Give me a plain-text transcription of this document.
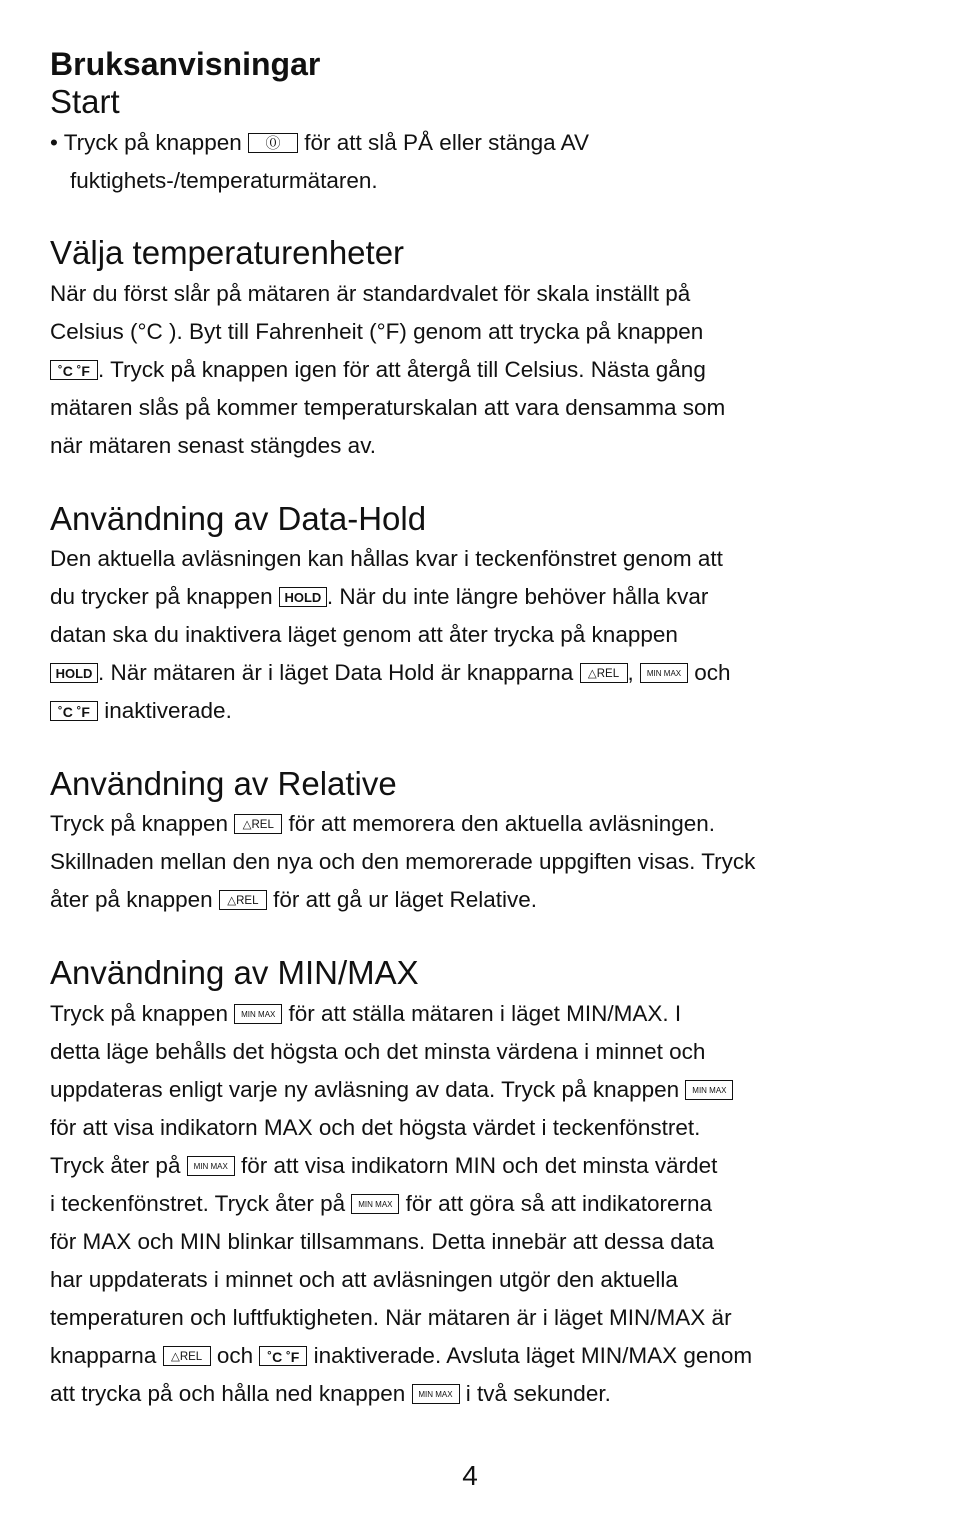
Bruksanvisningar
Start
• Tryck på knappen ⓪ för att slå PÅ eller stänga AV
fuktighets-/temperaturmätaren.
Välja temperaturenheter
När du först slår på mätaren är standardvalet för skala inställt på
Celsius (°C ). Byt till Fahrenheit (°F) genom att trycka på knappen
˚C ˚F . Tryck på knappen igen för att återgå till Celsius. Nästa gång
mätaren slås på kommer temperaturskalan att vara densamma som
när mätaren senast stängdes av.
Användning av Data-Hold
Den aktuella avläsningen kan hållas kvar i teckenfönstret genom att
du trycker på knappen HOLD . När du inte längre behöver hålla kvar
datan ska du inaktivera läget genom att åter trycka på knappen
HOLD . När mätaren är i läget Data Hold är knapparna △REL , MIN MAX och
˚C ˚F inaktiverade.
Användning av Relative
Tryck på knappen △REL för att memorera den aktuella avläsningen.
Skillnaden mellan den nya och den memorerade uppgiften visas. Tryck
åter på knappen △REL för att gå ur läget Relative.
Användning av MIN/MAX
Tryck på knappen MIN MAX för att ställa mätaren i läget MIN/MAX. I
detta läge behålls det högsta och det minsta värdena i minnet och
uppdateras enligt varje ny avläsning av data. Tryck på knappen MIN MAX
för att visa indikatorn MAX och det högsta värdet i teckenfönstret.
Tryck åter på MIN MAX för att visa indikatorn MIN och det minsta värdet
i teckenfönstret. Tryck åter på MIN MAX för att göra så att indikatorerna
för MAX och MIN blinkar tillsammans. Detta innebär att dessa data
har uppdaterats i minnet och att avläsningen utgör den aktuella
temperaturen och luftfuktigheten. När mätaren är i läget MIN/MAX är
knapparna △REL och ˚C ˚F inaktiverade. Avsluta läget MIN/MAX genom
att trycka på och hålla ned knappen MIN MAX i två sekunder.
4
